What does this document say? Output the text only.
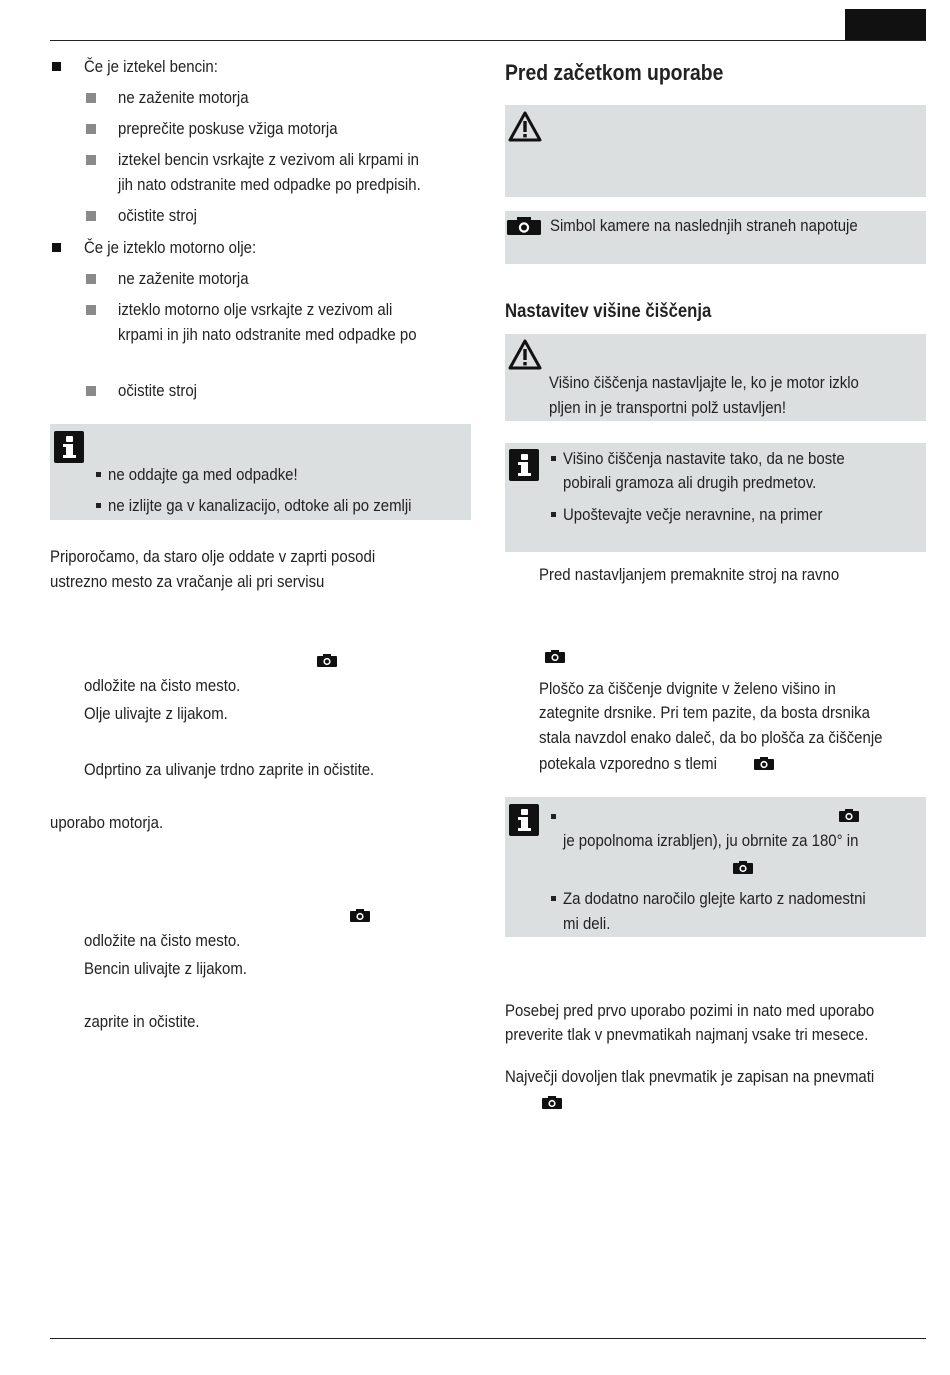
Če je iztekel bencin:
ne zaženite motorja
preprečite poskuse vžiga motorja
iztekel bencin vsrkajte z vezivom ali krpami in
jih nato odstranite med odpadke po predpisih.
očistite stroj
Če je izteklo motorno olje:
ne zaženite motorja
izteklo motorno olje vsrkajte z vezivom ali
krpami in jih nato odstranite med odpadke po
očistite stroj
ne oddajte ga med odpadke!
ne izlijte ga v kanalizacijo, odtoke ali po zemlji
Priporočamo, da staro olje oddate v zaprti posodi
ustrezno mesto za vračanje ali pri servisu
odložite na čisto mesto.
Olje ulivajte z lijakom.
Odprtino za ulivanje trdno zaprite in očistite.
uporabo motorja.
odložite na čisto mesto.
Bencin ulivajte z lijakom.
zaprite in očistite.
Pred začetkom uporabe
Simbol kamere na naslednjih straneh napotuje
Nastavitev višine čiščenja
Višino čiščenja nastavljajte le, ko je motor izklo
pljen in je transportni polž ustavljen!
Višino čiščenja nastavite tako, da ne boste
pobirali gramoza ali drugih predmetov.
Upoštevajte večje neravnine, na primer
Pred nastavljanjem premaknite stroj na ravno
Ploščo za čiščenje dvignite v želeno višino in
zategnite drsnike. Pri tem pazite, da bosta drsnika
stala navzdol enako daleč, da bo plošča za čiščenje
potekala vzporedno s tlemi
je popolnoma izrabljen), ju obrnite za 180° in
Za dodatno naročilo glejte karto z nadomestni
mi deli.
Posebej pred prvo uporabo pozimi in nato med uporabo
preverite tlak v pnevmatikah najmanj vsake tri mesece.
Največji dovoljen tlak pnevmatik je zapisan na pnevmati
